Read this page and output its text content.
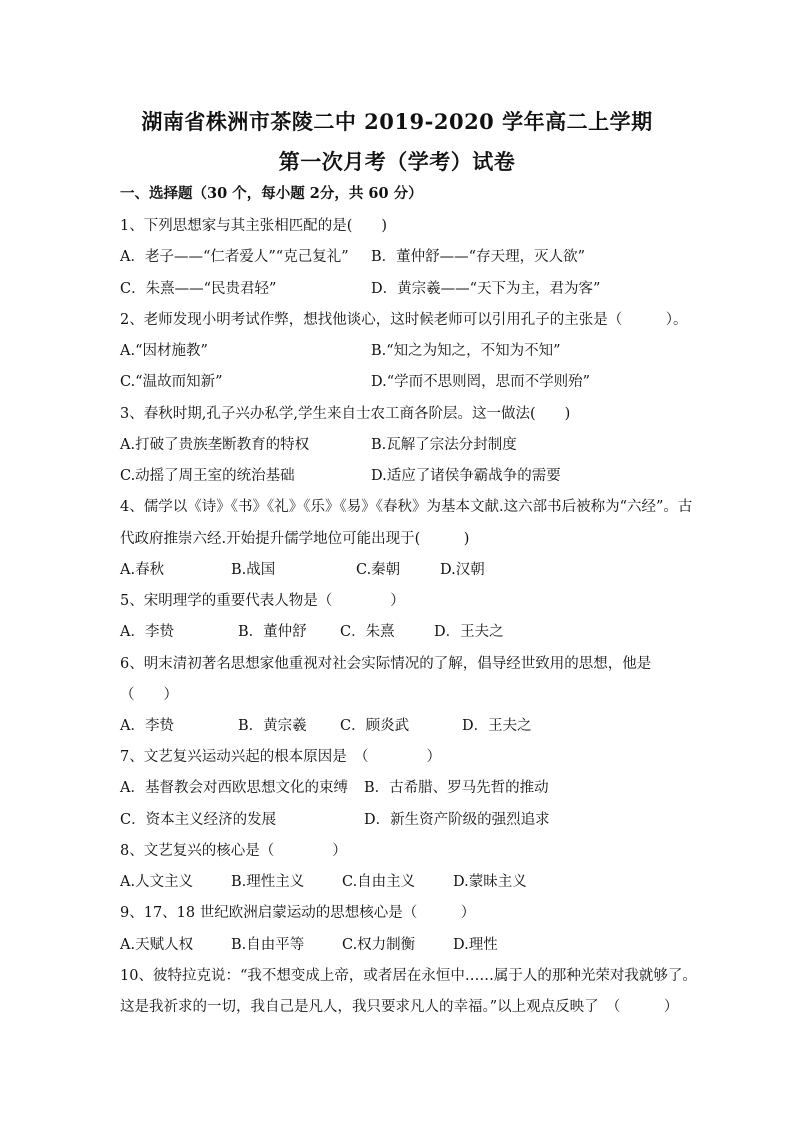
湖南省株洲市茶陵二中 2019-2020 学年高二上学期
第一次月考（学考）试卷
一、选择题（30 个，每小题 2分，共 60 分）
1、下列思想家与其主张相匹配的是(　　)
A．老子——“仁者爱人”“克己复礼” B．董仲舒——“存天理，灭人欲”
C．朱熹——“民贵君轻”	D．黄宗羲——“天下为主，君为客”
2、老师发现小明考试作弊，想找他谈心，这时候老师可以引用孔子的主张是（　　　）。
A.“因材施教”	B.“知之为知之，不知为不知”
C.“温故而知新”	D.“学而不思则罔，思而不学则殆”
3、春秋时期,孔子兴办私学,学生来自士农工商各阶层。这一做法(　　)
A.打破了贵族垄断教育的特权	B.瓦解了宗法分封制度
C.动摇了周王室的统治基础	D.适应了诸侯争霸战争的需要
4、儒学以《诗》《书》《礼》《乐》《易》《春秋》为基本文献.这六部书后被称为“六经”。古
代政府推崇六经.开始提升儒学地位可能出现于(　　　)
A.春秋	B.战国	C.秦朝	D.汉朝
5、宋明理学的重要代表人物是（　　　　）
A．李贽	B．董仲舒 C．朱熹	D．王夫之
6、明末清初著名思想家他重视对社会实际情况的了解，倡导经世致用的思想，他是
（　　）
A．李贽	B．黄宗羲 C．顾炎武	D．王夫之
7、文艺复兴运动兴起的根本原因是　（　　　　）
A．基督教会对西欧思想文化的束缚 B．古希腊、罗马先哲的推动
C．资本主义经济的发展	D．新生资产阶级的强烈追求
8、文艺复兴的核心是（　　　　）
A.人文主义	B.理性主义	C.自由主义	D.蒙昧主义
9、17、18 世纪欧洲启蒙运动的思想核心是（　　　）
A.天赋人权	B.自由平等	C.权力制衡	D.理性
10、彼特拉克说：“我不想变成上帝，或者居在永恒中……属于人的那种光荣对我就够了。
这是我祈求的一切，我自己是凡人，我只要求凡人的幸福。”以上观点反映了　（　　　）
